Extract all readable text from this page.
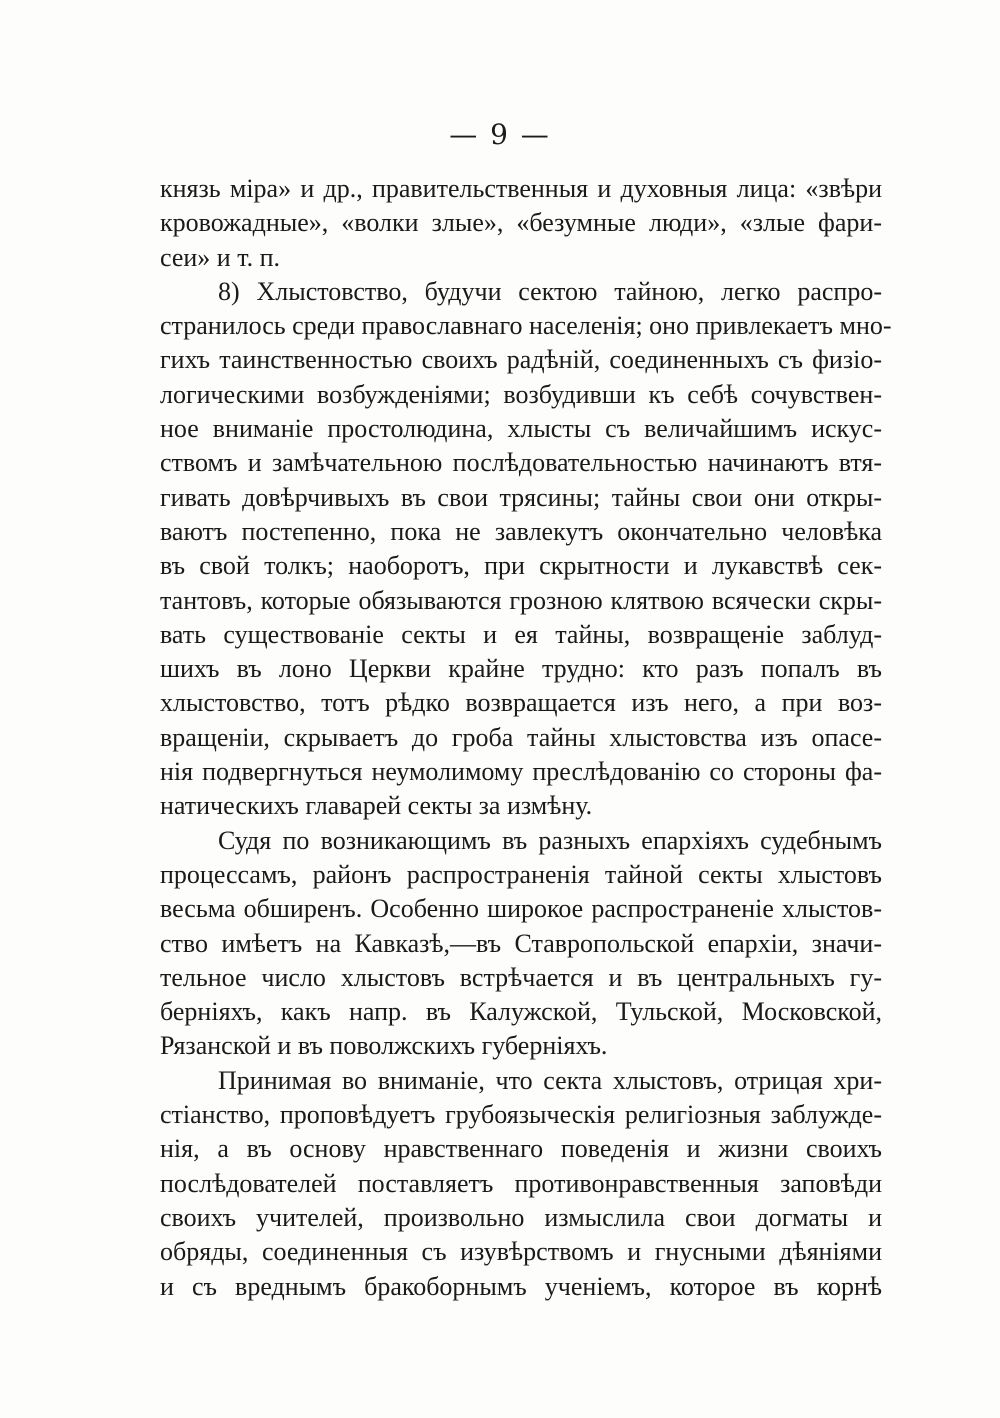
— 9 —
князь міра» и др., правительственныя и духовныя лица: «звѣри
кровожадные», «волки злые», «безумные люди», «злые фари-
сеи» и т. п.
8) Хлыстовство, будучи сектою тайною, легко распро-
странилось среди православнаго населенія; оно привлекаетъ мно-
гихъ таинственностью своихъ радѣній, соединенныхъ съ физіо-
логическими возбужденіями; возбудивши къ себѣ сочувствен-
ное вниманіе простолюдина, хлысты съ величайшимъ искус-
ствомъ и замѣчательною послѣдовательностью начинаютъ втя-
гивать довѣрчивыхъ въ свои трясины; тайны свои они откры-
ваютъ постепенно, пока не завлекутъ окончательно человѣка
въ свой толкъ; наоборотъ, при скрытности и лукавствѣ сек-
тантовъ, которые обязываются грозною клятвою всячески скры-
вать существованіе секты и ея тайны, возвращеніе заблуд-
шихъ въ лоно Церкви крайне трудно: кто разъ попалъ въ
хлыстовство, тотъ рѣдко возвращается изъ него, а при воз-
вращеніи, скрываетъ до гроба тайны хлыстовства изъ опасе-
нія подвергнуться неумолимому преслѣдованію со стороны фа-
натическихъ главарей секты за измѣну.
Судя по возникающимъ въ разныхъ епархіяхъ судебнымъ
процессамъ, районъ распространенія тайной секты хлыстовъ
весьма обширенъ. Особенно широкое распространеніе хлыстов-
ство имѣетъ на Кавказѣ,—въ Ставропольской епархіи, значи-
тельное число хлыстовъ встрѣчается и въ центральныхъ гу-
берніяхъ, какъ напр. въ Калужской, Тульской, Московской,
Рязанской и въ поволжскихъ губерніяхъ.
Принимая во вниманіе, что секта хлыстовъ, отрицая хри-
стіанство, проповѣдуетъ грубоязыческія религіозныя заблужде-
нія, а въ основу нравственнаго поведенія и жизни своихъ
послѣдователей поставляетъ противонравственныя заповѣди
своихъ учителей, произвольно измыслила свои догматы и
обряды, соединенныя съ изувѣрствомъ и гнусными дѣяніями
и съ вреднымъ бракоборнымъ ученіемъ, которое въ корнѣ
